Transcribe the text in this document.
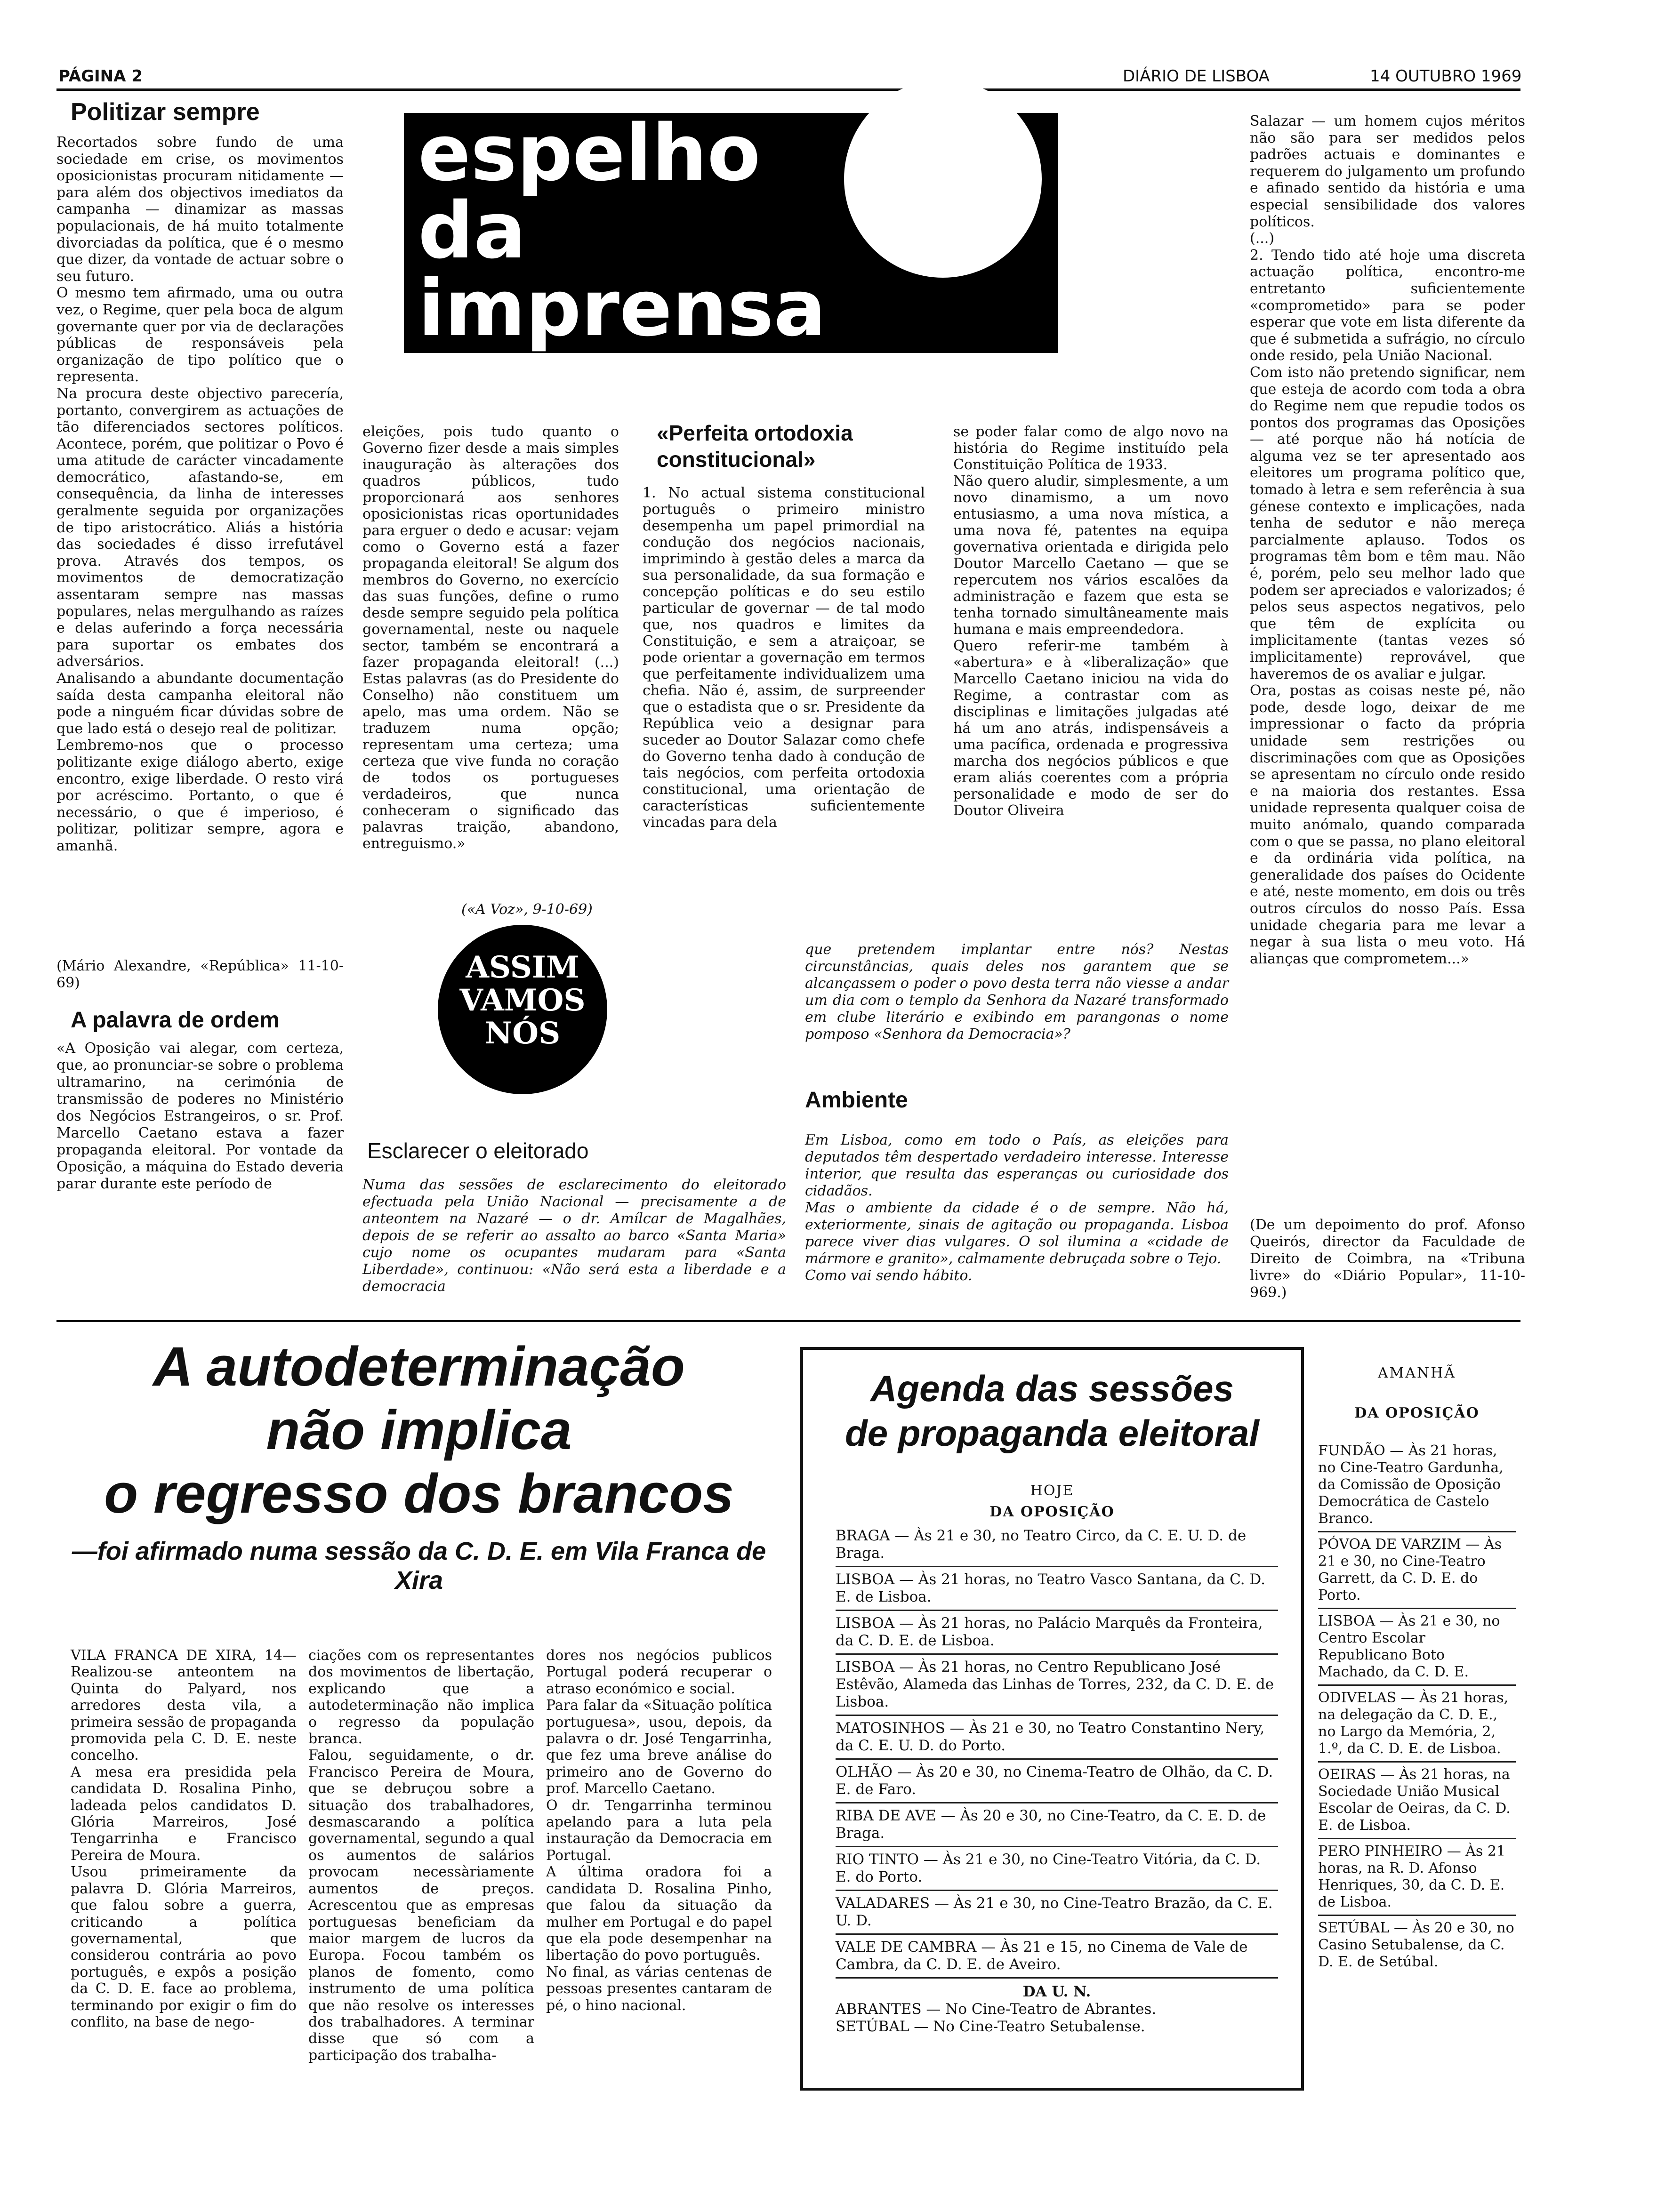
PÁGINA 2	DIÁRIO DE LISBOA	14 OUTUBRO 1969
Politizar sempre
Recortados sobre fundo de uma sociedade em crise, os movimentos oposicionistas procuram nitidamente — para além dos objectivos imediatos da campanha — dinamizar as massas populacionais, de há muito totalmente divorciadas da política, que é o mesmo que dizer, da vontade de actuar sobre o seu futuro.
O mesmo tem afirmado, uma ou outra vez, o Regime, quer pela boca de algum governante quer por via de declarações públicas de responsáveis pela organização de tipo político que o representa.
Na procura deste objectivo parecería, portanto, convergirem as actuações de tão diferenciados sectores políticos. Acontece, porém, que politizar o Povo é uma atitude de carácter vincadamente democrático, afastando-se, em consequência, da linha de interesses geralmente seguida por organizações de tipo aristocrático. Aliás a história das sociedades é disso irrefutável prova. Através dos tempos, os movimentos de democratização assentaram sempre nas massas populares, nelas mergulhando as raízes e delas auferindo a força necessária para suportar os embates dos adversários.
Analisando a abundante documentação saída desta campanha eleitoral não pode a ninguém ficar dúvidas sobre de que lado está o desejo real de politizar.
Lembremo-nos que o processo politizante exige diálogo aberto, exige encontro, exige liberdade. O resto virá por acréscimo. Portanto, o que é necessário, o que é imperioso, é politizar, politizar sempre, agora e amanhã.
(Mário Alexandre, «República» 11-10-69)
A palavra de ordem
«A Oposição vai alegar, com certeza, que, ao pronunciar-se sobre o problema ultramarino, na cerimónia de transmissão de poderes no Ministério dos Negócios Estrangeiros, o sr. Prof. Marcello Caetano estava a fazer propaganda eleitoral. Por vontade da Oposição, a máquina do Estado deveria parar durante este período de
espelho
da
imprensa
eleições, pois tudo quanto o Governo fizer desde a mais simples inauguração às alterações dos quadros públicos, tudo proporcionará aos senhores oposicionistas ricas oportunidades para erguer o dedo e acusar: vejam como o Governo está a fazer propaganda eleitoral! Se algum dos membros do Governo, no exercício das suas funções, define o rumo desde sempre seguido pela política governamental, neste ou naquele sector, também se encontrará a fazer propaganda eleitoral! (...) Estas palavras (as do Presidente do Conselho) não constituem um apelo, mas uma ordem. Não se traduzem numa opção; representam uma certeza; uma certeza que vive funda no coração de todos os portugueses verdadeiros, que nunca conheceram o significado das palavras traição, abandono, entreguismo.»
(«A Voz», 9-10-69)
ASSIM
VAMOS
NÓS
«Perfeita ortodoxia constitucional»
1. No actual sistema constitucional português o primeiro ministro desempenha um papel primordial na condução dos negócios nacionais, imprimindo à gestão deles a marca da sua personalidade, da sua formação e concepção políticas e do seu estilo particular de governar — de tal modo que, nos quadros e limites da Constituição, e sem a atraiçoar, se pode orientar a governação em termos que perfeitamente individualizem uma chefia. Não é, assim, de surpreender que o estadista que o sr. Presidente da República veio a designar para suceder ao Doutor Salazar como chefe do Governo tenha dado à condução de tais negócios, com perfeita ortodoxia constitucional, uma orientação de características suficientemente vincadas para dela
se poder falar como de algo novo na história do Regime instituído pela Constituição Política de 1933.
Não quero aludir, simplesmente, a um novo dinamismo, a um novo entusiasmo, a uma nova mística, a uma nova fé, patentes na equipa governativa orientada e dirigida pelo Doutor Marcello Caetano — que se repercutem nos vários escalões da administração e fazem que esta se tenha tornado simultâneamente mais humana e mais empreendedora.
Quero referir-me também à «abertura» e à «liberalização» que Marcello Caetano iniciou na vida do Regime, a contrastar com as disciplinas e limitações julgadas até há um ano atrás, indispensáveis a uma pacífica, ordenada e progressiva marcha dos negócios públicos e que eram aliás coerentes com a própria personalidade e modo de ser do Doutor Oliveira
Salazar — um homem cujos méritos não são para ser medidos pelos padrões actuais e dominantes e requerem do julgamento um profundo e afinado sentido da história e uma especial sensibilidade dos valores políticos.
(...)
2. Tendo tido até hoje uma discreta actuação política, encontro-me entretanto suficientemente «comprometido» para se poder esperar que vote em lista diferente da que é submetida a sufrágio, no círculo onde resido, pela União Nacional.
Com isto não pretendo significar, nem que esteja de acordo com toda a obra do Regime nem que repudie todos os pontos dos programas das Oposições — até porque não há notícia de alguma vez se ter apresentado aos eleitores um programa político que, tomado à letra e sem referência à sua génese contexto e implicações, nada tenha de sedutor e não mereça parcialmente aplauso. Todos os programas têm bom e têm mau. Não é, porém, pelo seu melhor lado que podem ser apreciados e valorizados; é pelos seus aspectos negativos, pelo que têm de explícita ou implicitamente (tantas vezes só implicitamente) reprovável, que haveremos de os avaliar e julgar.
Ora, postas as coisas neste pé, não pode, desde logo, deixar de me impressionar o facto da própria unidade sem restrições ou discriminações com que as Oposições se apresentam no círculo onde resido e na maioria dos restantes. Essa unidade representa qualquer coisa de muito anómalo, quando comparada com o que se passa, no plano eleitoral e da ordinária vida política, na generalidade dos países do Ocidente e até, neste momento, em dois ou três outros círculos do nosso País. Essa unidade chegaria para me levar a negar à sua lista o meu voto. Há alianças que comprometem...»
(De um depoimento do prof. Afonso Queirós, director da Faculdade de Direito de Coimbra, na «Tribuna livre» do «Diário Popular», 11-10-969.)
que pretendem implantar entre nós? Nestas circunstâncias, quais deles nos garantem que se alcançassem o poder o povo desta terra não viesse a andar um dia com o templo da Senhora da Nazaré transformado em clube literário e exibindo em parangonas o nome pomposo «Senhora da Democracia»?
Esclarecer o eleitorado
Numa das sessões de esclarecimento do eleitorado efectuada pela União Nacional — precisamente a de anteontem na Nazaré — o dr. Amílcar de Magalhães, depois de se referir ao assalto ao barco «Santa Maria» cujo nome os ocupantes mudaram para «Santa Liberdade», continuou: «Não será esta a liberdade e a democracia
Ambiente
Em Lisboa, como em todo o País, as eleições para deputados têm despertado verdadeiro interesse. Interesse interior, que resulta das esperanças ou curiosidade dos cidadãos.
Mas o ambiente da cidade é o de sempre. Não há, exteriormente, sinais de agitação ou propaganda. Lisboa parece viver dias vulgares. O sol ilumina a «cidade de mármore e granito», calmamente debruçada sobre o Tejo.
Como vai sendo hábito.
A autodeterminação
não implica
o regresso dos brancos
—foi afirmado numa sessão da C. D. E. em Vila Franca de Xira
VILA FRANCA DE XIRA, 14—Realizou-se anteontem na Quinta do Palyard, nos arredores desta vila, a primeira sessão de propaganda promovida pela C. D. E. neste concelho.
A mesa era presidida pela candidata D. Rosalina Pinho, ladeada pelos candidatos D. Glória Marreiros, José Tengarrinha e Francisco Pereira de Moura.
Usou primeiramente da palavra D. Glória Marreiros, que falou sobre a guerra, criticando a política governamental, que considerou contrária ao povo português, e expôs a posição da C. D. E. face ao problema, terminando por exigir o fim do conflito, na base de nego-
ciações com os representantes dos movimentos de libertação, explicando que a autodeterminação não implica o regresso da população branca.
Falou, seguidamente, o dr. Francisco Pereira de Moura, que se debruçou sobre a situação dos trabalhadores, desmascarando a política governamental, segundo a qual os aumentos de salários provocam necessàriamente aumentos de preços. Acrescentou que as empresas portuguesas beneficiam da maior margem de lucros da Europa. Focou também os planos de fomento, como instrumento de uma política que não resolve os interesses dos trabalhadores. A terminar disse que só com a participação dos trabalha-
dores nos negócios publicos Portugal poderá recuperar o atraso económico e social.
Para falar da «Situação política portuguesa», usou, depois, da palavra o dr. José Tengarrinha, que fez uma breve análise do primeiro ano de Governo do prof. Marcello Caetano.
O dr. Tengarrinha terminou apelando para a luta pela instauração da Democracia em Portugal.
A última oradora foi a candidata D. Rosalina Pinho, que falou da situação da mulher em Portugal e do papel que ela pode desempenhar na libertação do povo português.
No final, as várias centenas de pessoas presentes cantaram de pé, o hino nacional.
Agenda das sessões
de propaganda eleitoral
HOJE
DA OPOSIÇÃO
BRAGA — Às 21 e 30, no Teatro Circo, da C. E. U. D. de Braga.
LISBOA — Às 21 horas, no Teatro Vasco Santana, da C. D. E. de Lisboa.
LISBOA — Às 21 horas, no Palácio Marquês da Fronteira, da C. D. E. de Lisboa.
LISBOA — Às 21 horas, no Centro Republicano José Estêvão, Alameda das Linhas de Torres, 232, da C. D. E. de Lisboa.
MATOSINHOS — Às 21 e 30, no Teatro Constantino Nery, da C. E. U. D. do Porto.
OLHÃO — Às 20 e 30, no Cinema-Teatro de Olhão, da C. D. E. de Faro.
RIBA DE AVE — Às 20 e 30, no Cine-Teatro, da C. E. D. de Braga.
RIO TINTO — Às 21 e 30, no Cine-Teatro Vitória, da C. D. E. do Porto.
VALADARES — Às 21 e 30, no Cine-Teatro Brazão, da C. E. U. D.
VALE DE CAMBRA — Às 21 e 15, no Cinema de Vale de Cambra, da C. D. E. de Aveiro.
DA U. N.
ABRANTES — No Cine-Teatro de Abrantes.
SETÚBAL — No Cine-Teatro Setubalense.
AMANHÃ
DA OPOSIÇÃO
FUNDÃO — Às 21 horas, no Cine-Teatro Gardunha, da Comissão de Oposição Democrática de Castelo Branco.
PÓVOA DE VARZIM — Às 21 e 30, no Cine-Teatro Garrett, da C. D. E. do Porto.
LISBOA — Às 21 e 30, no Centro Escolar Republicano Boto Machado, da C. D. E.
ODIVELAS — Às 21 horas, na delegação da C. D. E., no Largo da Memória, 2, 1.º, da C. D. E. de Lisboa.
OEIRAS — Às 21 horas, na Sociedade União Musical Escolar de Oeiras, da C. D. E. de Lisboa.
PERO PINHEIRO — Às 21 horas, na R. D. Afonso Henriques, 30, da C. D. E. de Lisboa.
SETÚBAL — Às 20 e 30, no Casino Setubalense, da C. D. E. de Setúbal.
